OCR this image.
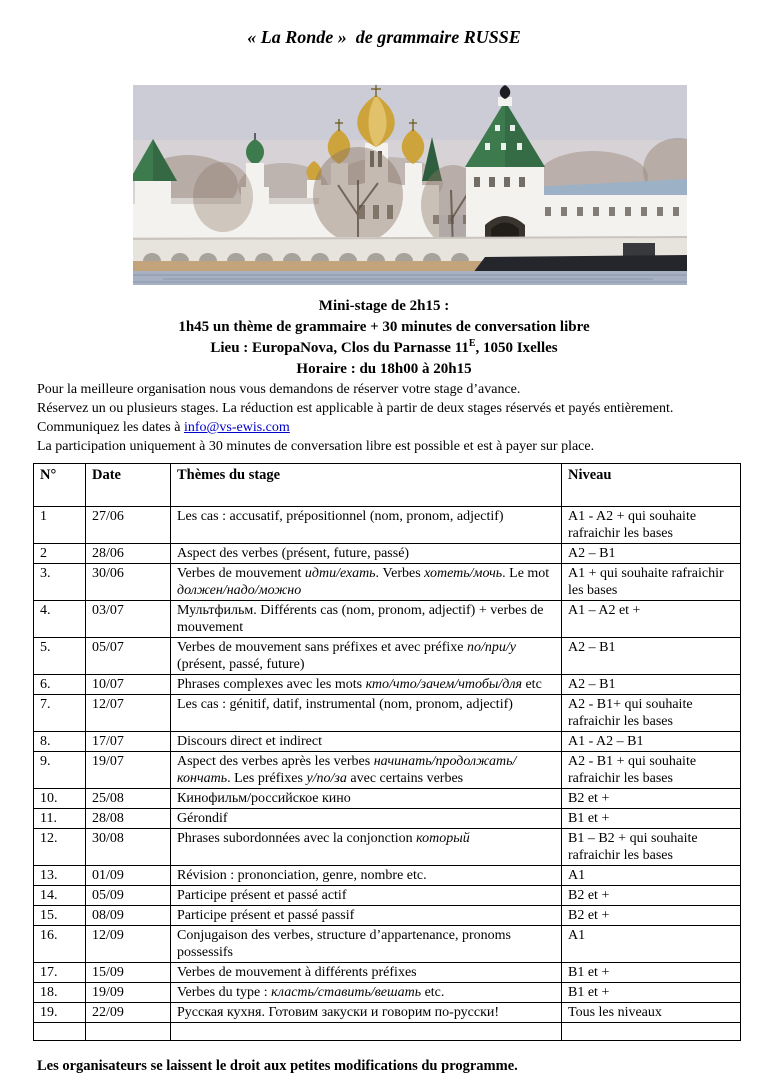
« La Ronde »  de grammaire RUSSE
Mini-stage de 2h15 :
1h45 un thème de grammaire + 30 minutes de conversation libre
Lieu : EuropaNova, Clos du Parnasse $11^E$, 1050 Ixelles
Horaire : du 18h00 à 20h15

Pour la meilleure organisation nous vous demandons de réserver votre stage d’avance.

Réservez un ou plusieurs stages. La réduction est applicable à partir de deux stages réservés et payés entièrement. Communiquez les dates à info@vs-ewis.com

La participation uniquement à 30 minutes de conversation libre est possible et est à payer sur place.

N°	Date	Thèmes du stage	Niveau
1	27/06	Les cas : accusatif, prépositionnel (nom, pronom, adjectif)	A1 - A2 + qui souhaite rafraichir les bases
2	28/06	Aspect des verbes (présent, future, passé)	A2 – B1
3.	30/06	Verbes de mouvement идти/ехать. Verbes хотеть/мочь. Le mot должен/надо/можно	A1 + qui souhaite rafraichir les bases
4.	03/07	Мультфильм. Différents cas (nom, pronom, adjectif) + verbes de mouvement	A1 – A2 et +
5.	05/07	Verbes de mouvement sans préfixes et avec préfixe по/при/у (présent, passé, future)	A2 – B1
6.	10/07	Phrases complexes avec les mots кто/что/зачем/чтобы/для etc	A2 – B1
7.	12/07	Les cas : génitif, datif, instrumental (nom, pronom, adjectif)	A2 - B1+ qui souhaite rafraichir les bases
8.	17/07	Discours direct et indirect	A1 - A2 – B1
9.	19/07	Aspect des verbes après les verbes начинать/продолжать/кончать. Les préfixes у/по/за avec certains verbes	A2 - B1 + qui souhaite rafraichir les bases
10.	25/08	Кинофильм/российское кино	B2 et +
11.	28/08	Gérondif	B1 et +
12.	30/08	Phrases subordonnées avec la conjonction который	B1 – B2 + qui souhaite rafraichir les bases
13.	01/09	Révision : prononciation, genre, nombre etc.	A1
14.	05/09	Participe présent et passé actif	B2 et +
15.	08/09	Participe présent et passé passif	B2 et +
16.	12/09	Conjugaison des verbes, structure d’appartenance, pronoms possessifs	A1
17.	15/09	Verbes de mouvement à différents préfixes	B1 et +
18.	19/09	Verbes du type : класть/ставить/вешать etc.	B1 et +
19.	22/09	Русская кухня. Готовим закуски и говорим по-русски!	Tous les niveaux

Les organisateurs se laissent le droit aux petites modifications du programme.
